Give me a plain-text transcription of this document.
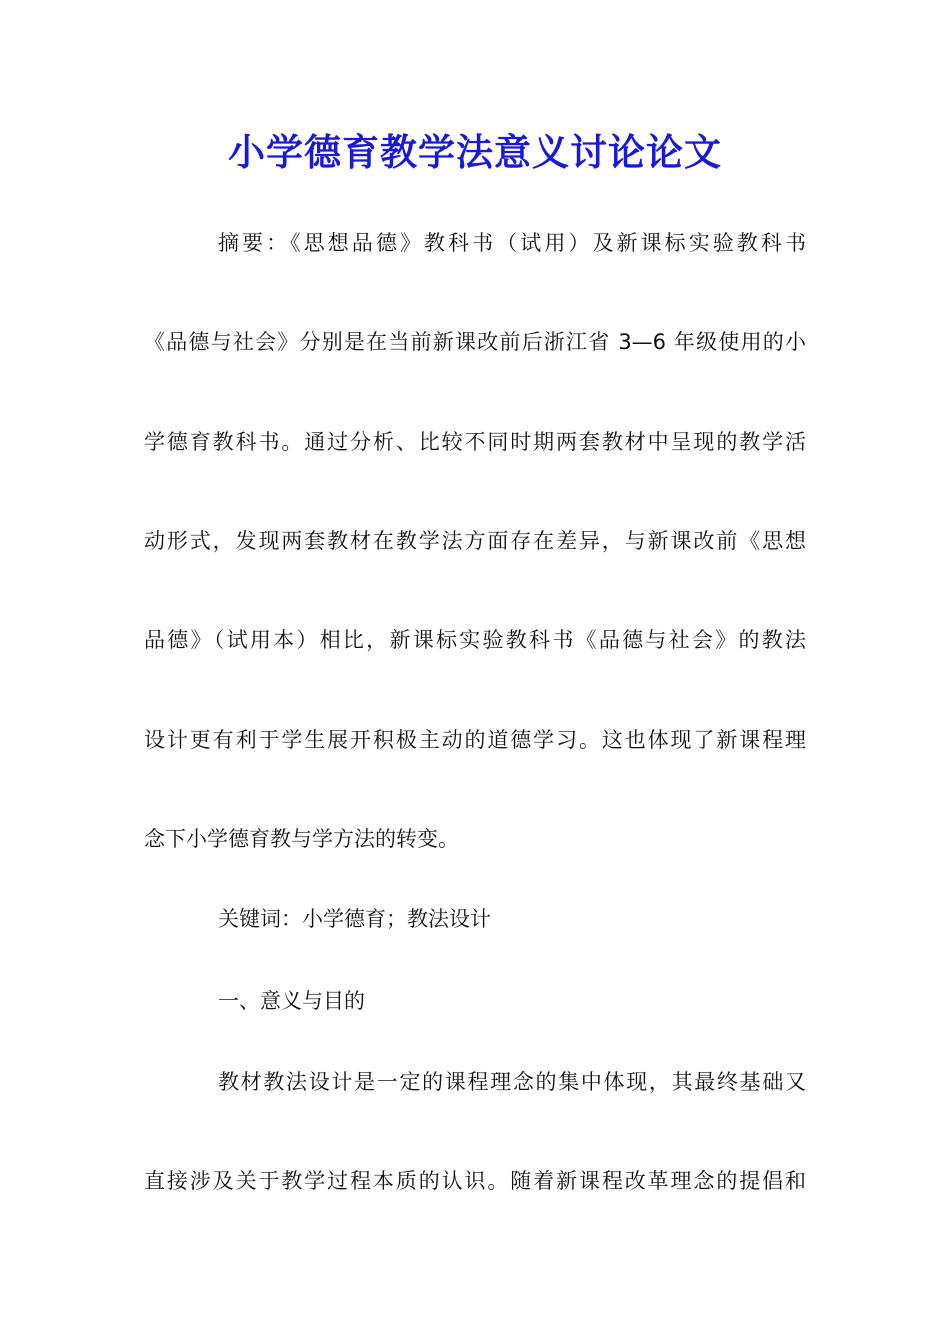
小学德育教学法意义讨论论文

摘要：《思想品德》教科书（试用）及新课标实验教科书

《品德与社会》分别是在当前新课改前后浙江省 3—6 年级使用的小

学德育教科书。通过分析、比较不同时期两套教材中呈现的教学活

动形式，发现两套教材在教学法方面存在差异，与新课改前《思想

品德》（试用本）相比，新课标实验教科书《品德与社会》的教法

设计更有利于学生展开积极主动的道德学习。这也体现了新课程理

念下小学德育教与学方法的转变。

关键词：小学德育；教法设计

一、意义与目的

教材教法设计是一定的课程理念的集中体现，其最终基础又

直接涉及关于教学过程本质的认识。随着新课程改革理念的提倡和
